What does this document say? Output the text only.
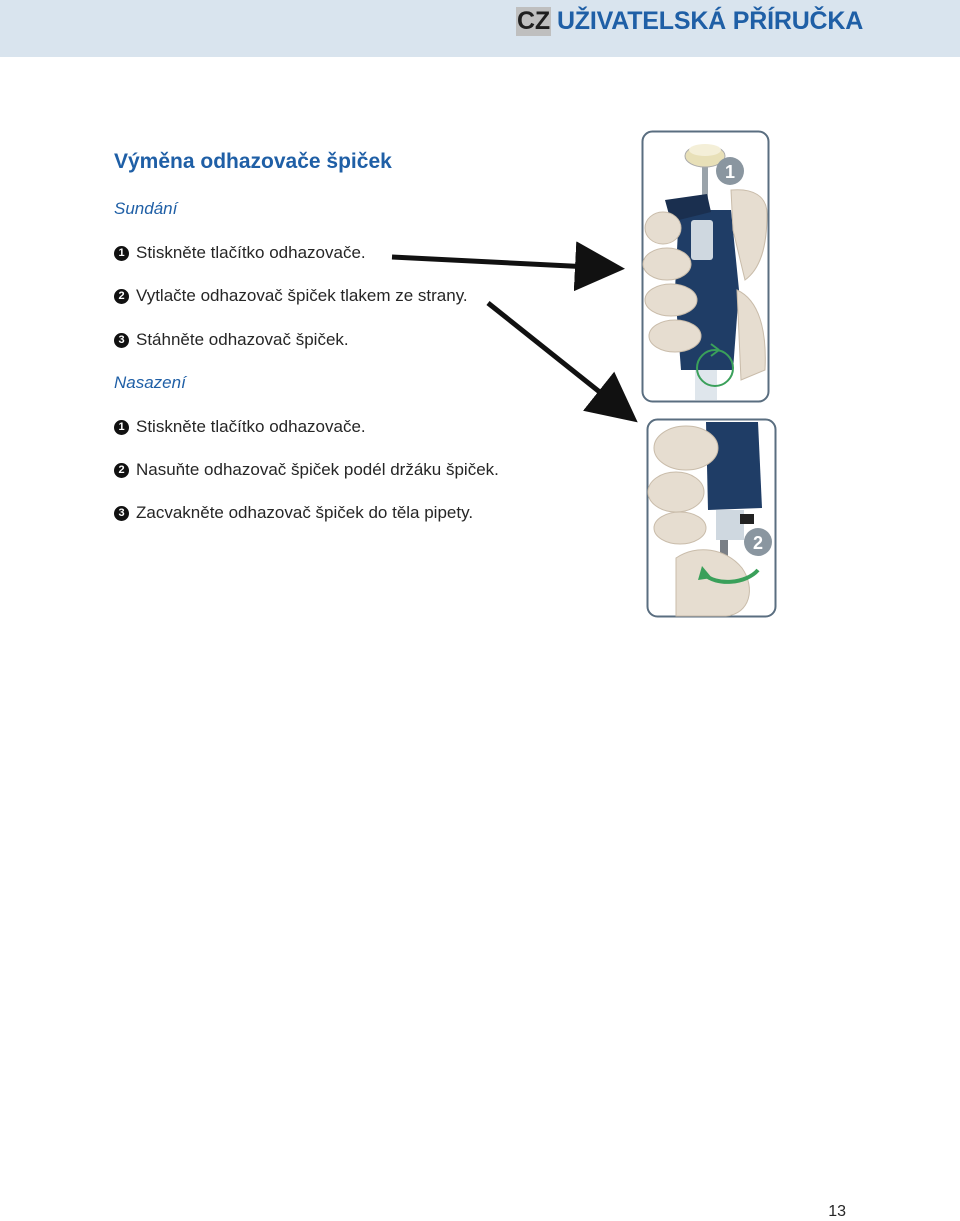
CZ UŽIVATELSKÁ PŘÍRUČKA
Výměna odhazovače špiček
Sundání
1 Stiskněte tlačítko odhazovače.
2 Vytlačte odhazovač špiček tlakem ze strany.
3 Stáhněte odhazovač špiček.
Nasazení
1 Stiskněte tlačítko odhazovače.
2 Nasuňte odhazovač špiček podél držáku špiček.
3 Zacvakněte odhazovač špiček do těla pipety.
1
2
13
